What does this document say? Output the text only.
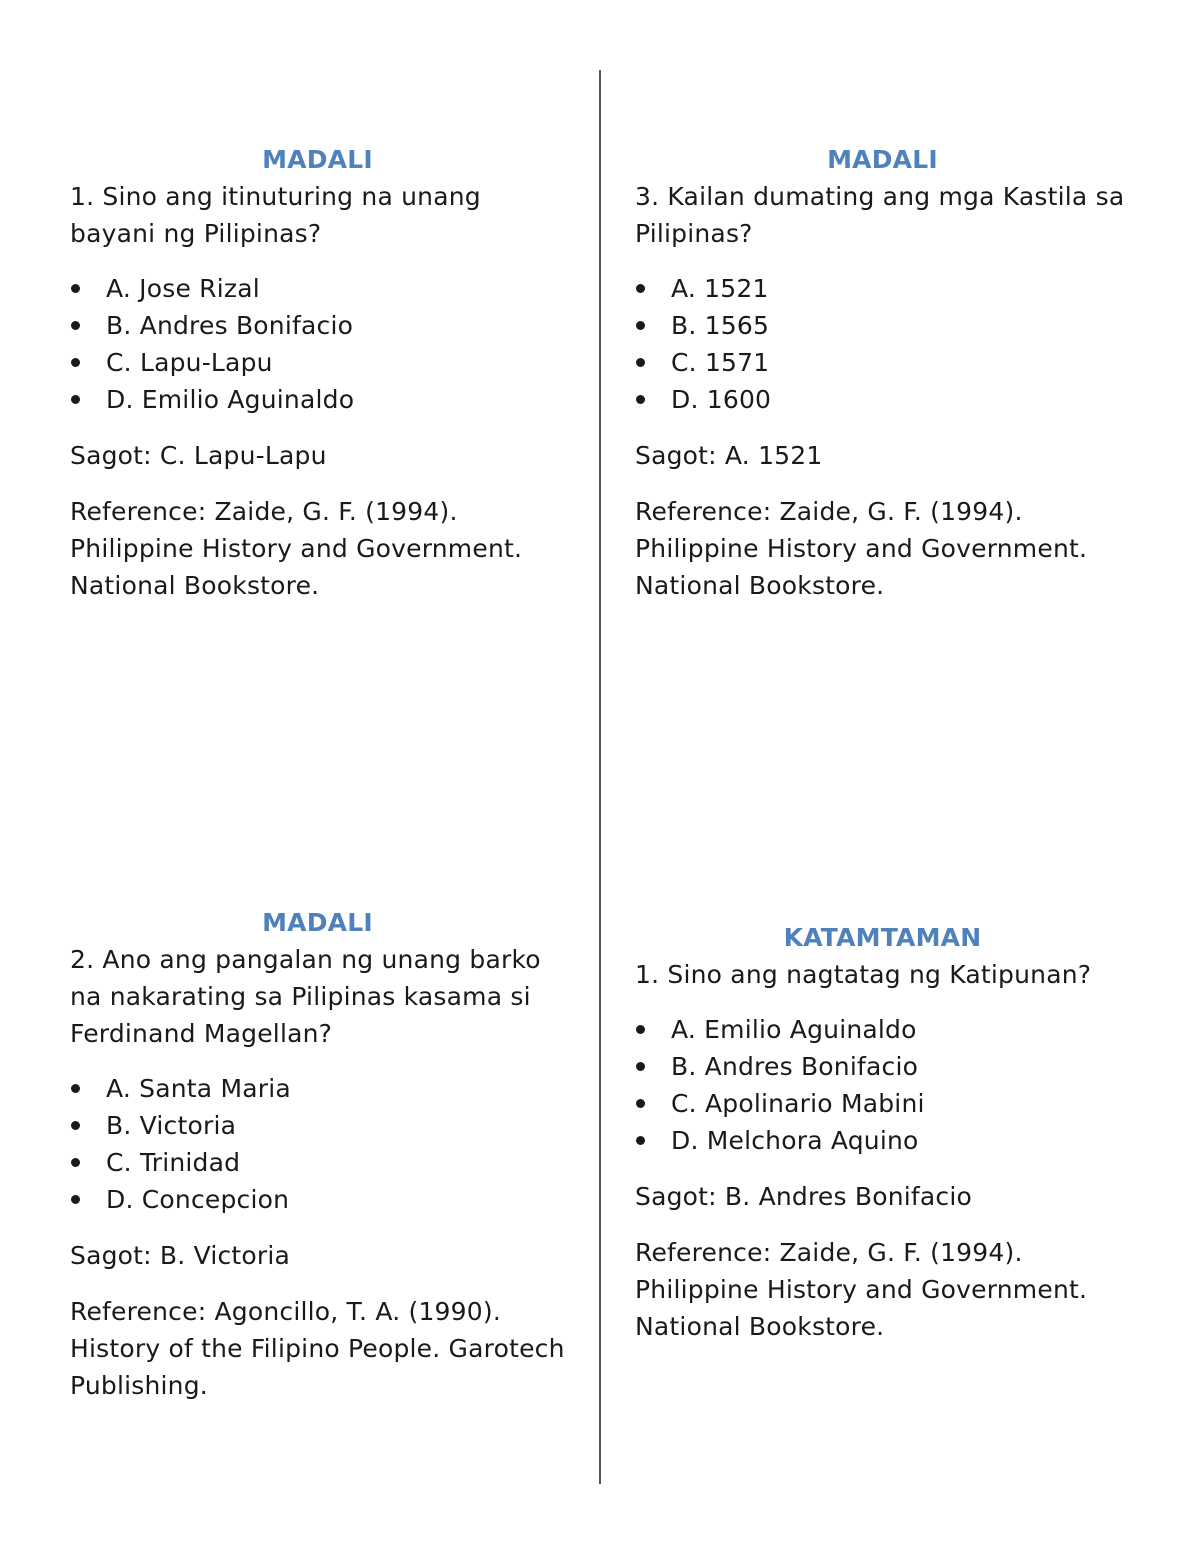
MADALI

1. Sino ang itinuturing na unang bayani ng Pilipinas?

A. Jose Rizal
B. Andres Bonifacio
C. Lapu-Lapu
D. Emilio Aguinaldo
Sagot: C. Lapu-Lapu
Reference: Zaide, G. F. (1994). Philippine History and Government. National Bookstore.
MADALI

3. Kailan dumating ang mga Kastila sa Pilipinas?

A. 1521
B. 1565
C. 1571
D. 1600
Sagot: A. 1521
Reference: Zaide, G. F. (1994). Philippine History and Government. National Bookstore.
MADALI

2. Ano ang pangalan ng unang barko na nakarating sa Pilipinas kasama si Ferdinand Magellan?

A. Santa Maria
B. Victoria
C. Trinidad
D. Concepcion
Sagot: B. Victoria
Reference: Agoncillo, T. A. (1990). History of the Filipino People. Garotech Publishing.
KATAMTAMAN

1. Sino ang nagtatag ng Katipunan?

A. Emilio Aguinaldo
B. Andres Bonifacio
C. Apolinario Mabini
D. Melchora Aquino
Sagot: B. Andres Bonifacio
Reference: Zaide, G. F. (1994). Philippine History and Government. National Bookstore.
